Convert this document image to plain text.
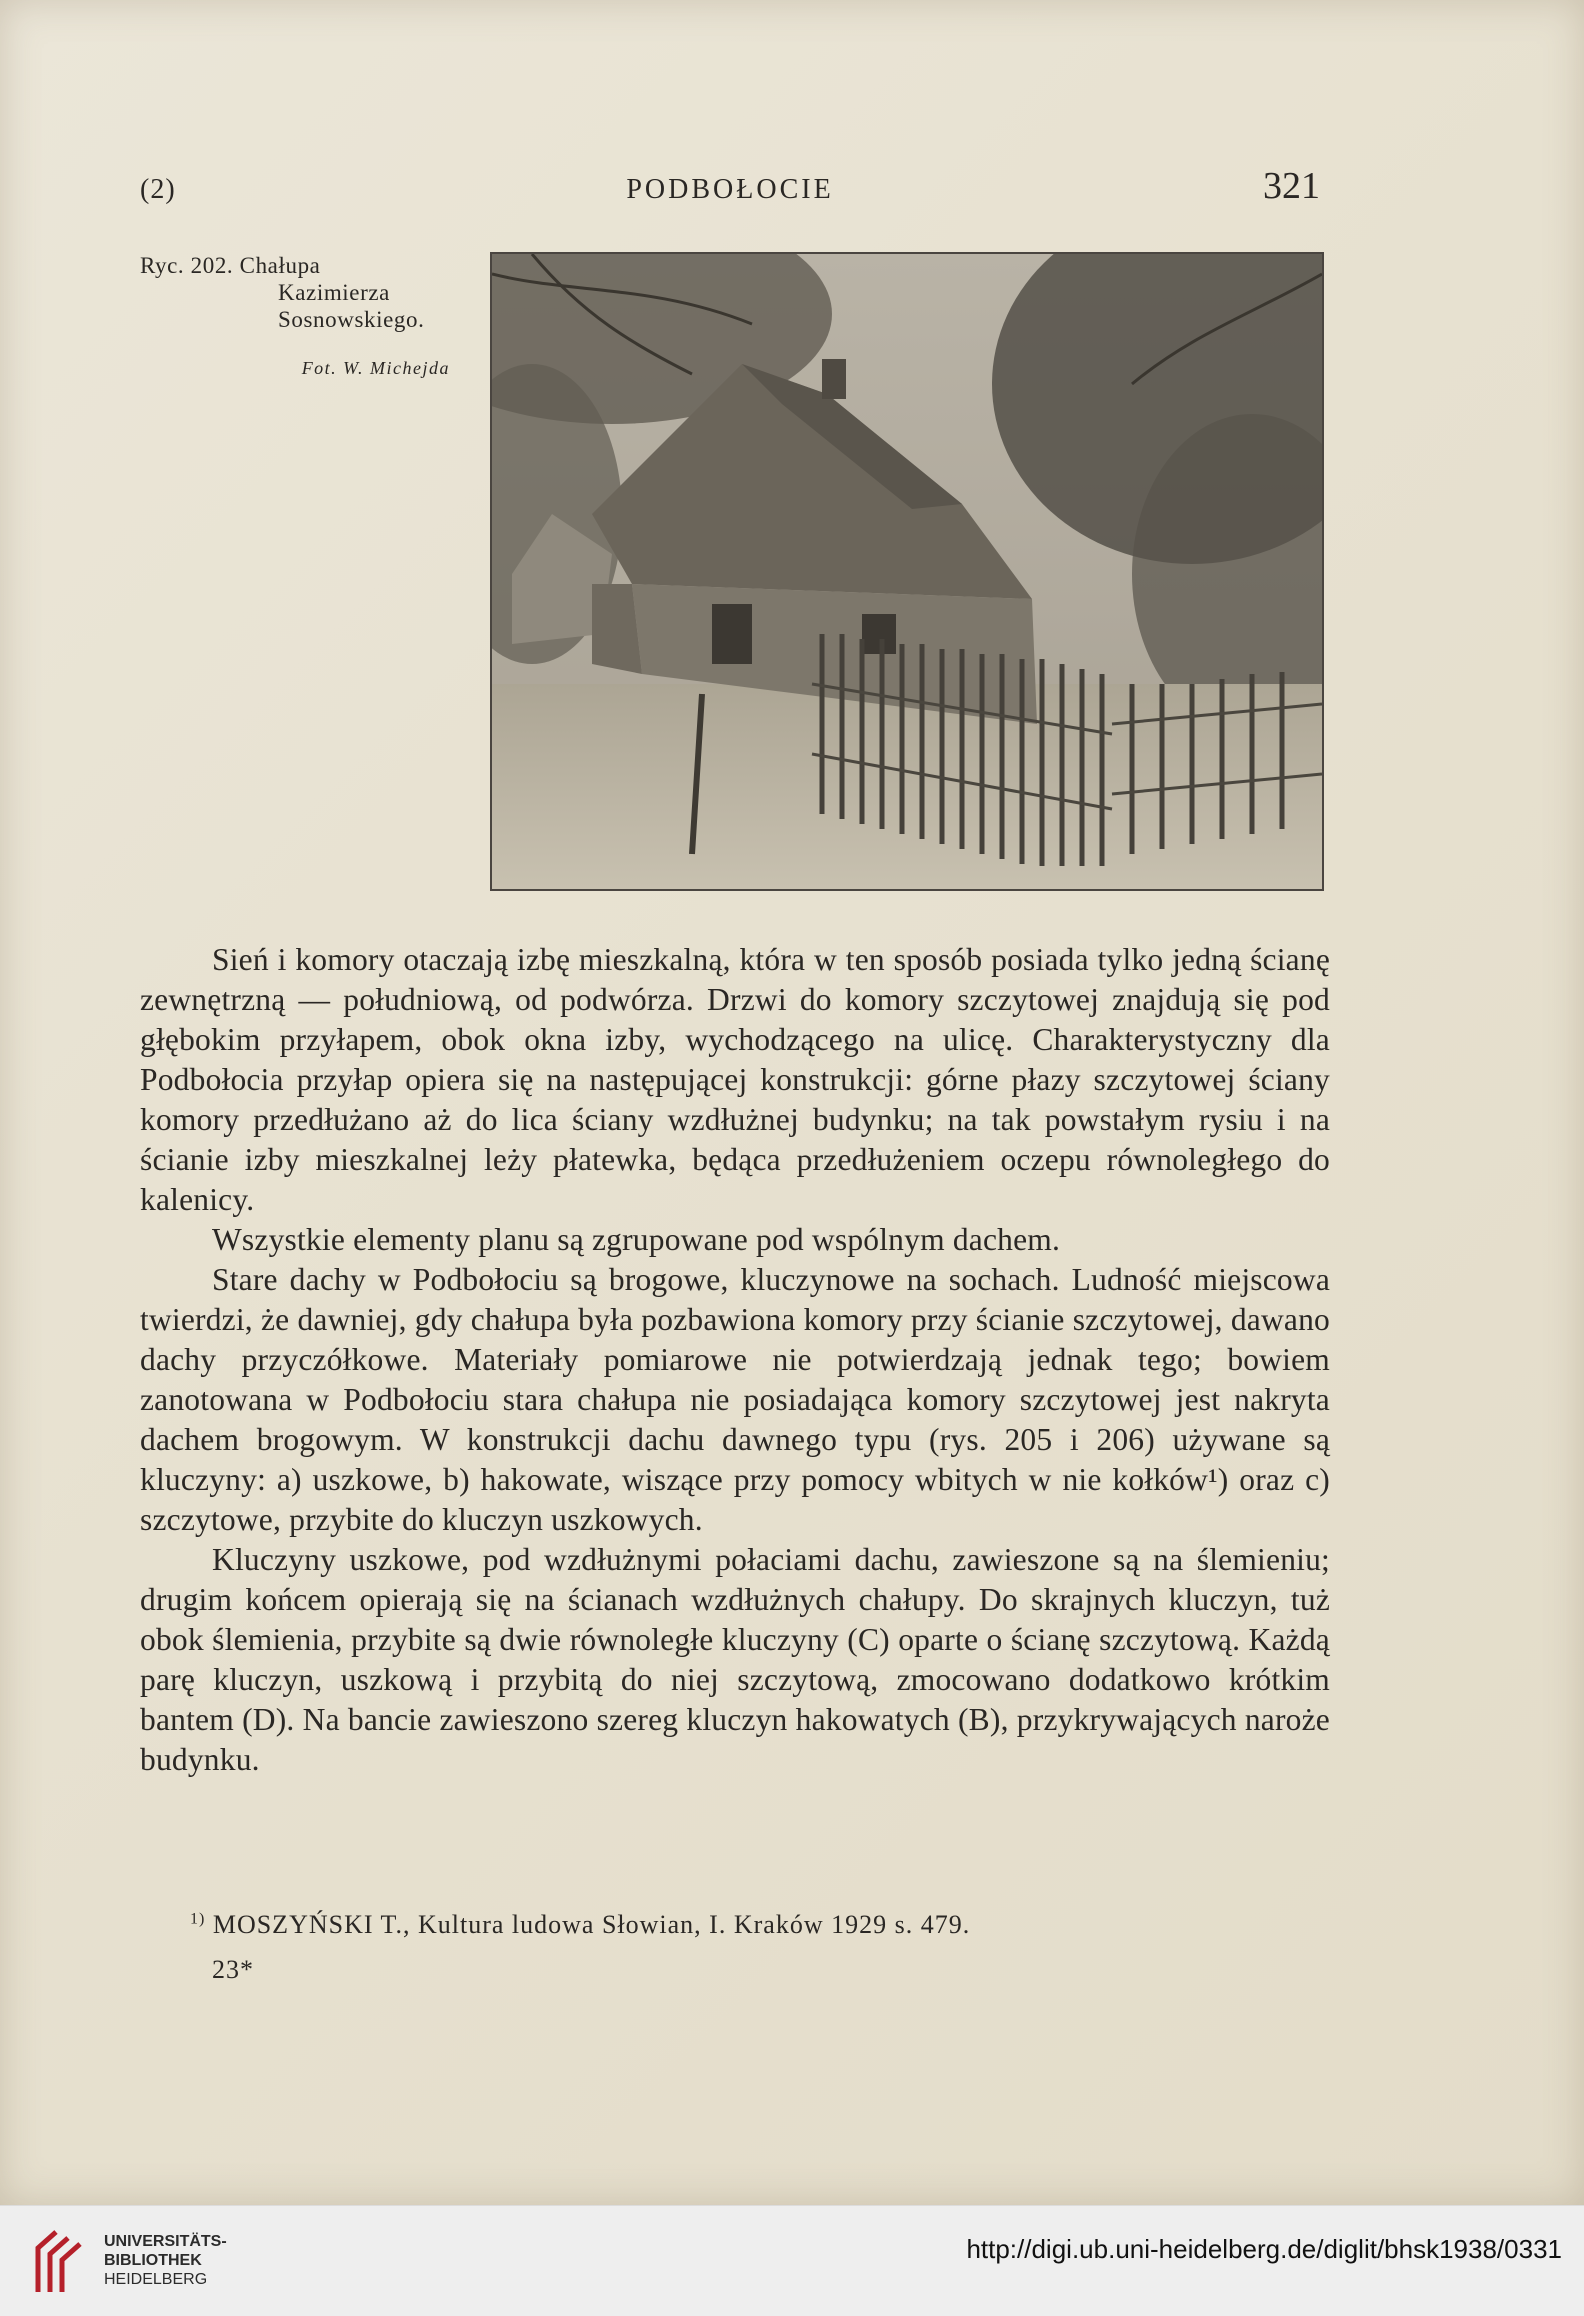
(2)	PODBOŁOCIE	321
Ryc. 202. Chałupa
Kazimierza
Sosnowskiego.
Fot. W. Michejda

Sień i komory otaczają izbę mieszkalną, która w ten sposób posiada tylko jedną ścianę zewnętrzną — południową, od podwórza. Drzwi do komory szczytowej znajdują się pod głębokim przyłapem, obok okna izby, wychodzącego na ulicę. Charakterystyczny dla Podbołocia przyłap opiera się na następującej konstrukcji: górne płazy szczytowej ściany komory przedłużano aż do lica ściany wzdłużnej budynku; na tak powstałym rysiu i na ścianie izby mieszkalnej leży płatewka, będąca przedłużeniem oczepu równoległego do kalenicy.

Wszystkie elementy planu są zgrupowane pod wspólnym dachem.

Stare dachy w Podbołociu są brogowe, kluczynowe na sochach. Ludność miejscowa twierdzi, że dawniej, gdy chałupa była pozbawiona komory przy ścianie szczytowej, dawano dachy przyczółkowe. Materiały pomiarowe nie potwierdzają jednak tego; bowiem zanotowana w Podbołociu stara chałupa nie posiadająca komory szczytowej jest nakryta dachem brogowym. W konstrukcji dachu dawnego typu (rys. 205 i 206) używane są kluczyny: a) uszkowe, b) hakowate, wiszące przy pomocy wbitych w nie kołków¹) oraz c) szczytowe, przybite do kluczyn uszkowych.

Kluczyny uszkowe, pod wzdłużnymi połaciami dachu, zawieszone są na ślemieniu; drugim końcem opierają się na ścianach wzdłużnych chałupy. Do skrajnych kluczyn, tuż obok ślemienia, przybite są dwie równoległe kluczyny (C) oparte o ścianę szczytową. Każdą parę kluczyn, uszkową i przybitą do niej szczytową, zmocowano dodatkowo krótkim bantem (D). Na bancie zawieszono szereg kluczyn hakowatych (B), przykrywających naroże budynku.

$^{1)}$ MOSZYŃSKI T., Kultura ludowa Słowian, I. Kraków 1929 s. 479.
23*
UNIVERSITÄTS-
BIBLIOTHEK
HEIDELBERG
http://digi.ub.uni-heidelberg.de/diglit/bhsk1938/0331
